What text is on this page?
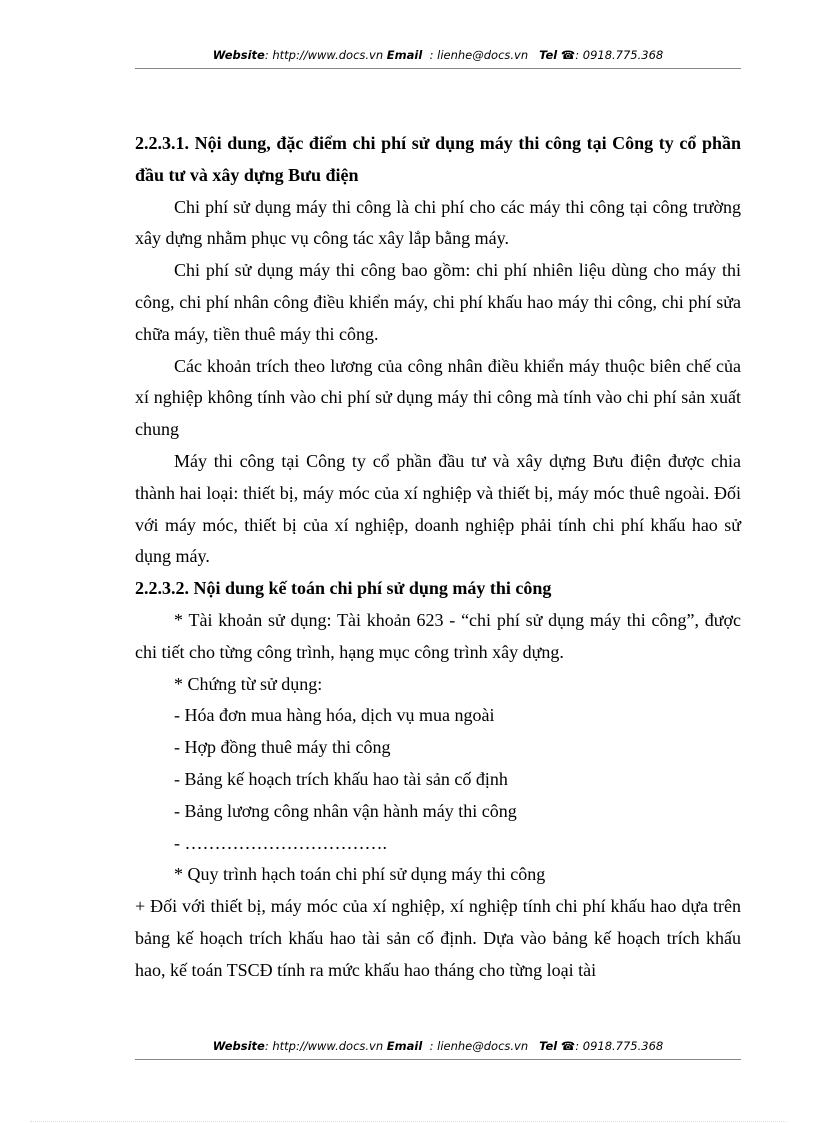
Website: http://www.docs.vn Email : lienhe@docs.vn Tel ☎: 0918.775.368

2.2.3.1. Nội dung, đặc điểm chi phí sử dụng máy thi công tại Công ty cổ phần đầu tư và xây dựng Bưu điện

Chi phí sử dụng máy thi công là chi phí cho các máy thi công tại công trường xây dựng nhằm phục vụ công tác xây lắp bằng máy.

Chi phí sử dụng máy thi công bao gồm: chi phí nhiên liệu dùng cho máy thi công, chi phí nhân công điều khiển máy, chi phí khấu hao máy thi công, chi phí sửa chữa máy, tiền thuê máy thi công.

Các khoản trích theo lương của công nhân điều khiển máy thuộc biên chế của xí nghiệp không tính vào chi phí sử dụng máy thi công mà tính vào chi phí sản xuất chung

Máy thi công tại Công ty cổ phần đầu tư và xây dựng Bưu điện được chia thành hai loại: thiết bị, máy móc của xí nghiệp và thiết bị, máy móc thuê ngoài. Đối với máy móc, thiết bị của xí nghiệp, doanh nghiệp phải tính chi phí khấu hao sử dụng máy.

2.2.3.2. Nội dung kế toán chi phí sử dụng máy thi công

* Tài khoản sử dụng: Tài khoản 623 - “chi phí sử dụng máy thi công”, được chi tiết cho từng công trình, hạng mục công trình xây dựng.

* Chứng từ sử dụng:

- Hóa đơn mua hàng hóa, dịch vụ mua ngoài

- Hợp đồng thuê máy thi công

- Bảng kế hoạch trích khấu hao tài sản cố định

- Bảng lương công nhân vận hành máy thi công

- …………………………….

* Quy trình hạch toán chi phí sử dụng máy thi công

+ Đối với thiết bị, máy móc của xí nghiệp, xí nghiệp tính chi phí khấu hao dựa trên bảng kế hoạch trích khấu hao tài sản cố định. Dựa vào bảng kế hoạch trích khấu hao, kế toán TSCĐ tính ra mức khấu hao tháng cho từng loại tài

Website: http://www.docs.vn Email : lienhe@docs.vn Tel ☎: 0918.775.368
